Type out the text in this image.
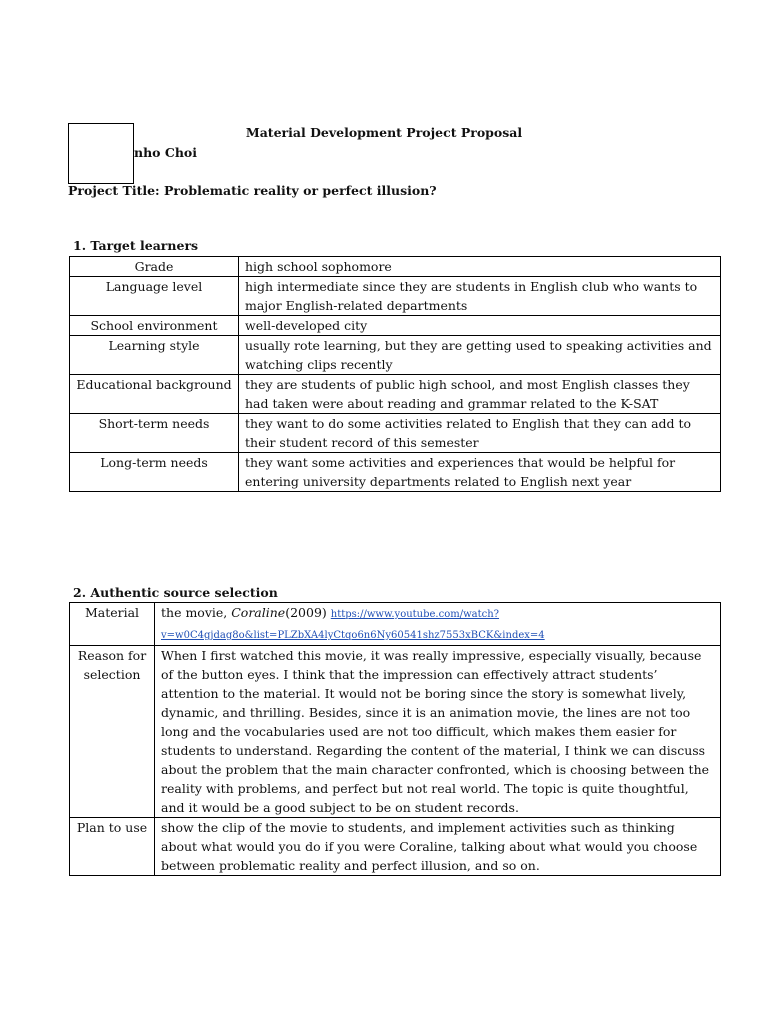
Material Development Project Proposal
nho Choi
Project Title: Problematic reality or perfect illusion?
1. Target learners
Grade	high school sophomore
Language level	high intermediate since they are students in English club who wants to major English-related departments
School environment	well-developed city
Learning style	usually rote learning, but they are getting used to speaking activities and watching clips recently
Educational background	they are students of public high school, and most English classes they had taken were about reading and grammar related to the K-SAT
Short-term needs	they want to do some activities related to English that they can add to their student record of this semester
Long-term needs	they want some activities and experiences that would be helpful for entering university departments related to English next year
2. Authentic source selection
Material	the movie, Coraline(2009) https://www.youtube.com/watch?v=w0C4gjdag8o&list=PLZbXA4lyCtqo6n6Ny60541shz7553xBCK&index=4
Reason for selection	When I first watched this movie, it was really impressive, especially visually, because of the button eyes. I think that the impression can effectively attract students’ attention to the material. It would not be boring since the story is somewhat lively, dynamic, and thrilling. Besides, since it is an animation movie, the lines are not too long and the vocabularies used are not too difficult, which makes them easier for students to understand. Regarding the content of the material, I think we can discuss about the problem that the main character confronted, which is choosing between the reality with problems, and perfect but not real world. The topic is quite thoughtful, and it would be a good subject to be on student records.
Plan to use	show the clip of the movie to students, and implement activities such as thinking about what would you do if you were Coraline, talking about what would you choose between problematic reality and perfect illusion, and so on.
